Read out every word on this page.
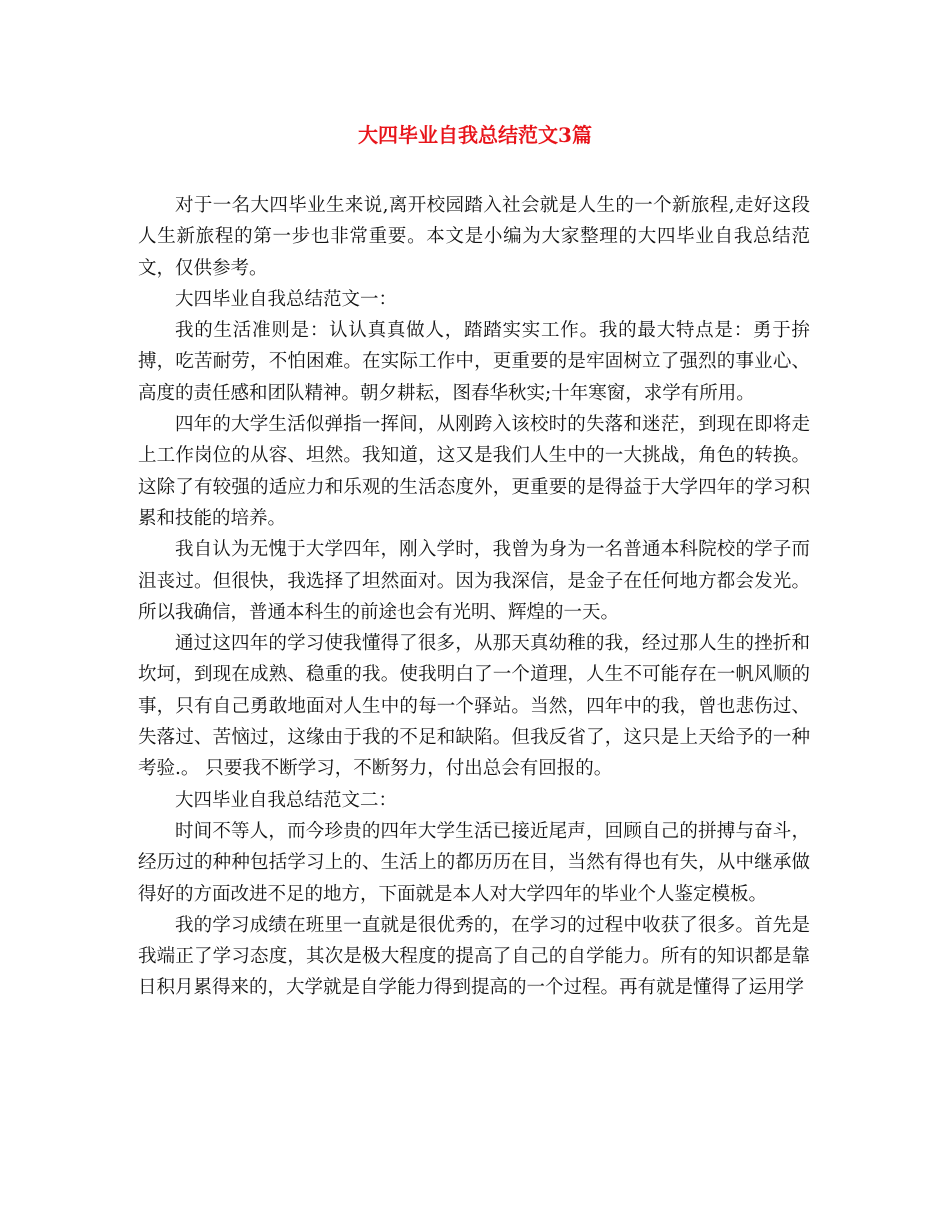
大四毕业自我总结范文3篇

对于一名大四毕业生来说,离开校园踏入社会就是人生的一个新旅程,走好这段人生新旅程的第一步也非常重要。本文是小编为大家整理的大四毕业自我总结范文，仅供参考。

大四毕业自我总结范文一：

我的生活准则是：认认真真做人，踏踏实实工作。我的最大特点是：勇于拚搏，吃苦耐劳，不怕困难。在实际工作中，更重要的是牢固树立了强烈的事业心、高度的责任感和团队精神。朝夕耕耘，图春华秋实;十年寒窗，求学有所用。

四年的大学生活似弹指一挥间，从刚跨入该校时的失落和迷茫，到现在即将走上工作岗位的从容、坦然。我知道，这又是我们人生中的一大挑战，角色的转换。这除了有较强的适应力和乐观的生活态度外，更重要的是得益于大学四年的学习积累和技能的培养。

我自认为无愧于大学四年，刚入学时，我曾为身为一名普通本科院校的学子而沮丧过。但很快，我选择了坦然面对。因为我深信，是金子在任何地方都会发光。所以我确信，普通本科生的前途也会有光明、辉煌的一天。

通过这四年的学习使我懂得了很多，从那天真幼稚的我，经过那人生的挫折和坎坷，到现在成熟、稳重的我。使我明白了一个道理，人生不可能存在一帆风顺的事，只有自己勇敢地面对人生中的每一个驿站。当然，四年中的我，曾也悲伤过、失落过、苦恼过，这缘由于我的不足和缺陷。但我反省了，这只是上天给予的一种考验.。 只要我不断学习，不断努力，付出总会有回报的。

大四毕业自我总结范文二：

时间不等人，而今珍贵的四年大学生活已接近尾声，回顾自己的拼搏与奋斗，经历过的种种包括学习上的、生活上的都历历在目，当然有得也有失，从中继承做得好的方面改进不足的地方，下面就是本人对大学四年的毕业个人鉴定模板。

我的学习成绩在班里一直就是很优秀的，在学习的过程中收获了很多。首先是我端正了学习态度，其次是极大程度的提高了自己的自学能力。所有的知识都是靠日积月累得来的，大学就是自学能力得到提高的一个过程。再有就是懂得了运用学
